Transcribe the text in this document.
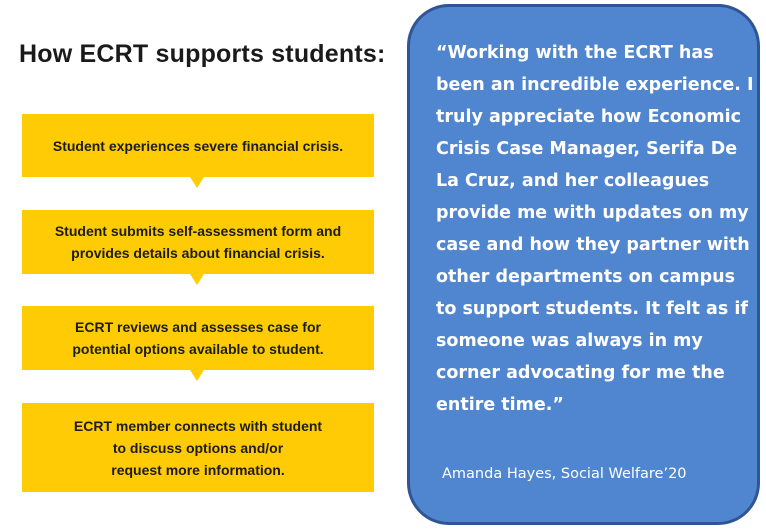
How ECRT supports students:
Student experiences severe financial crisis.
Student submits self-assessment form and
provides details about financial crisis.
ECRT reviews and assesses case for
potential options available to student.
ECRT member connects with student
to discuss options and/or
request more information.

“Working with the ECRT has been an incredible experience. I truly appreciate how Economic Crisis Case Manager, Serifa De La Cruz, and her colleagues provide me with updates on my case and how they partner with other departments on campus to support students. It felt as if someone was always in my corner advocating for me the entire time.”

Amanda Hayes, Social Welfare’20
